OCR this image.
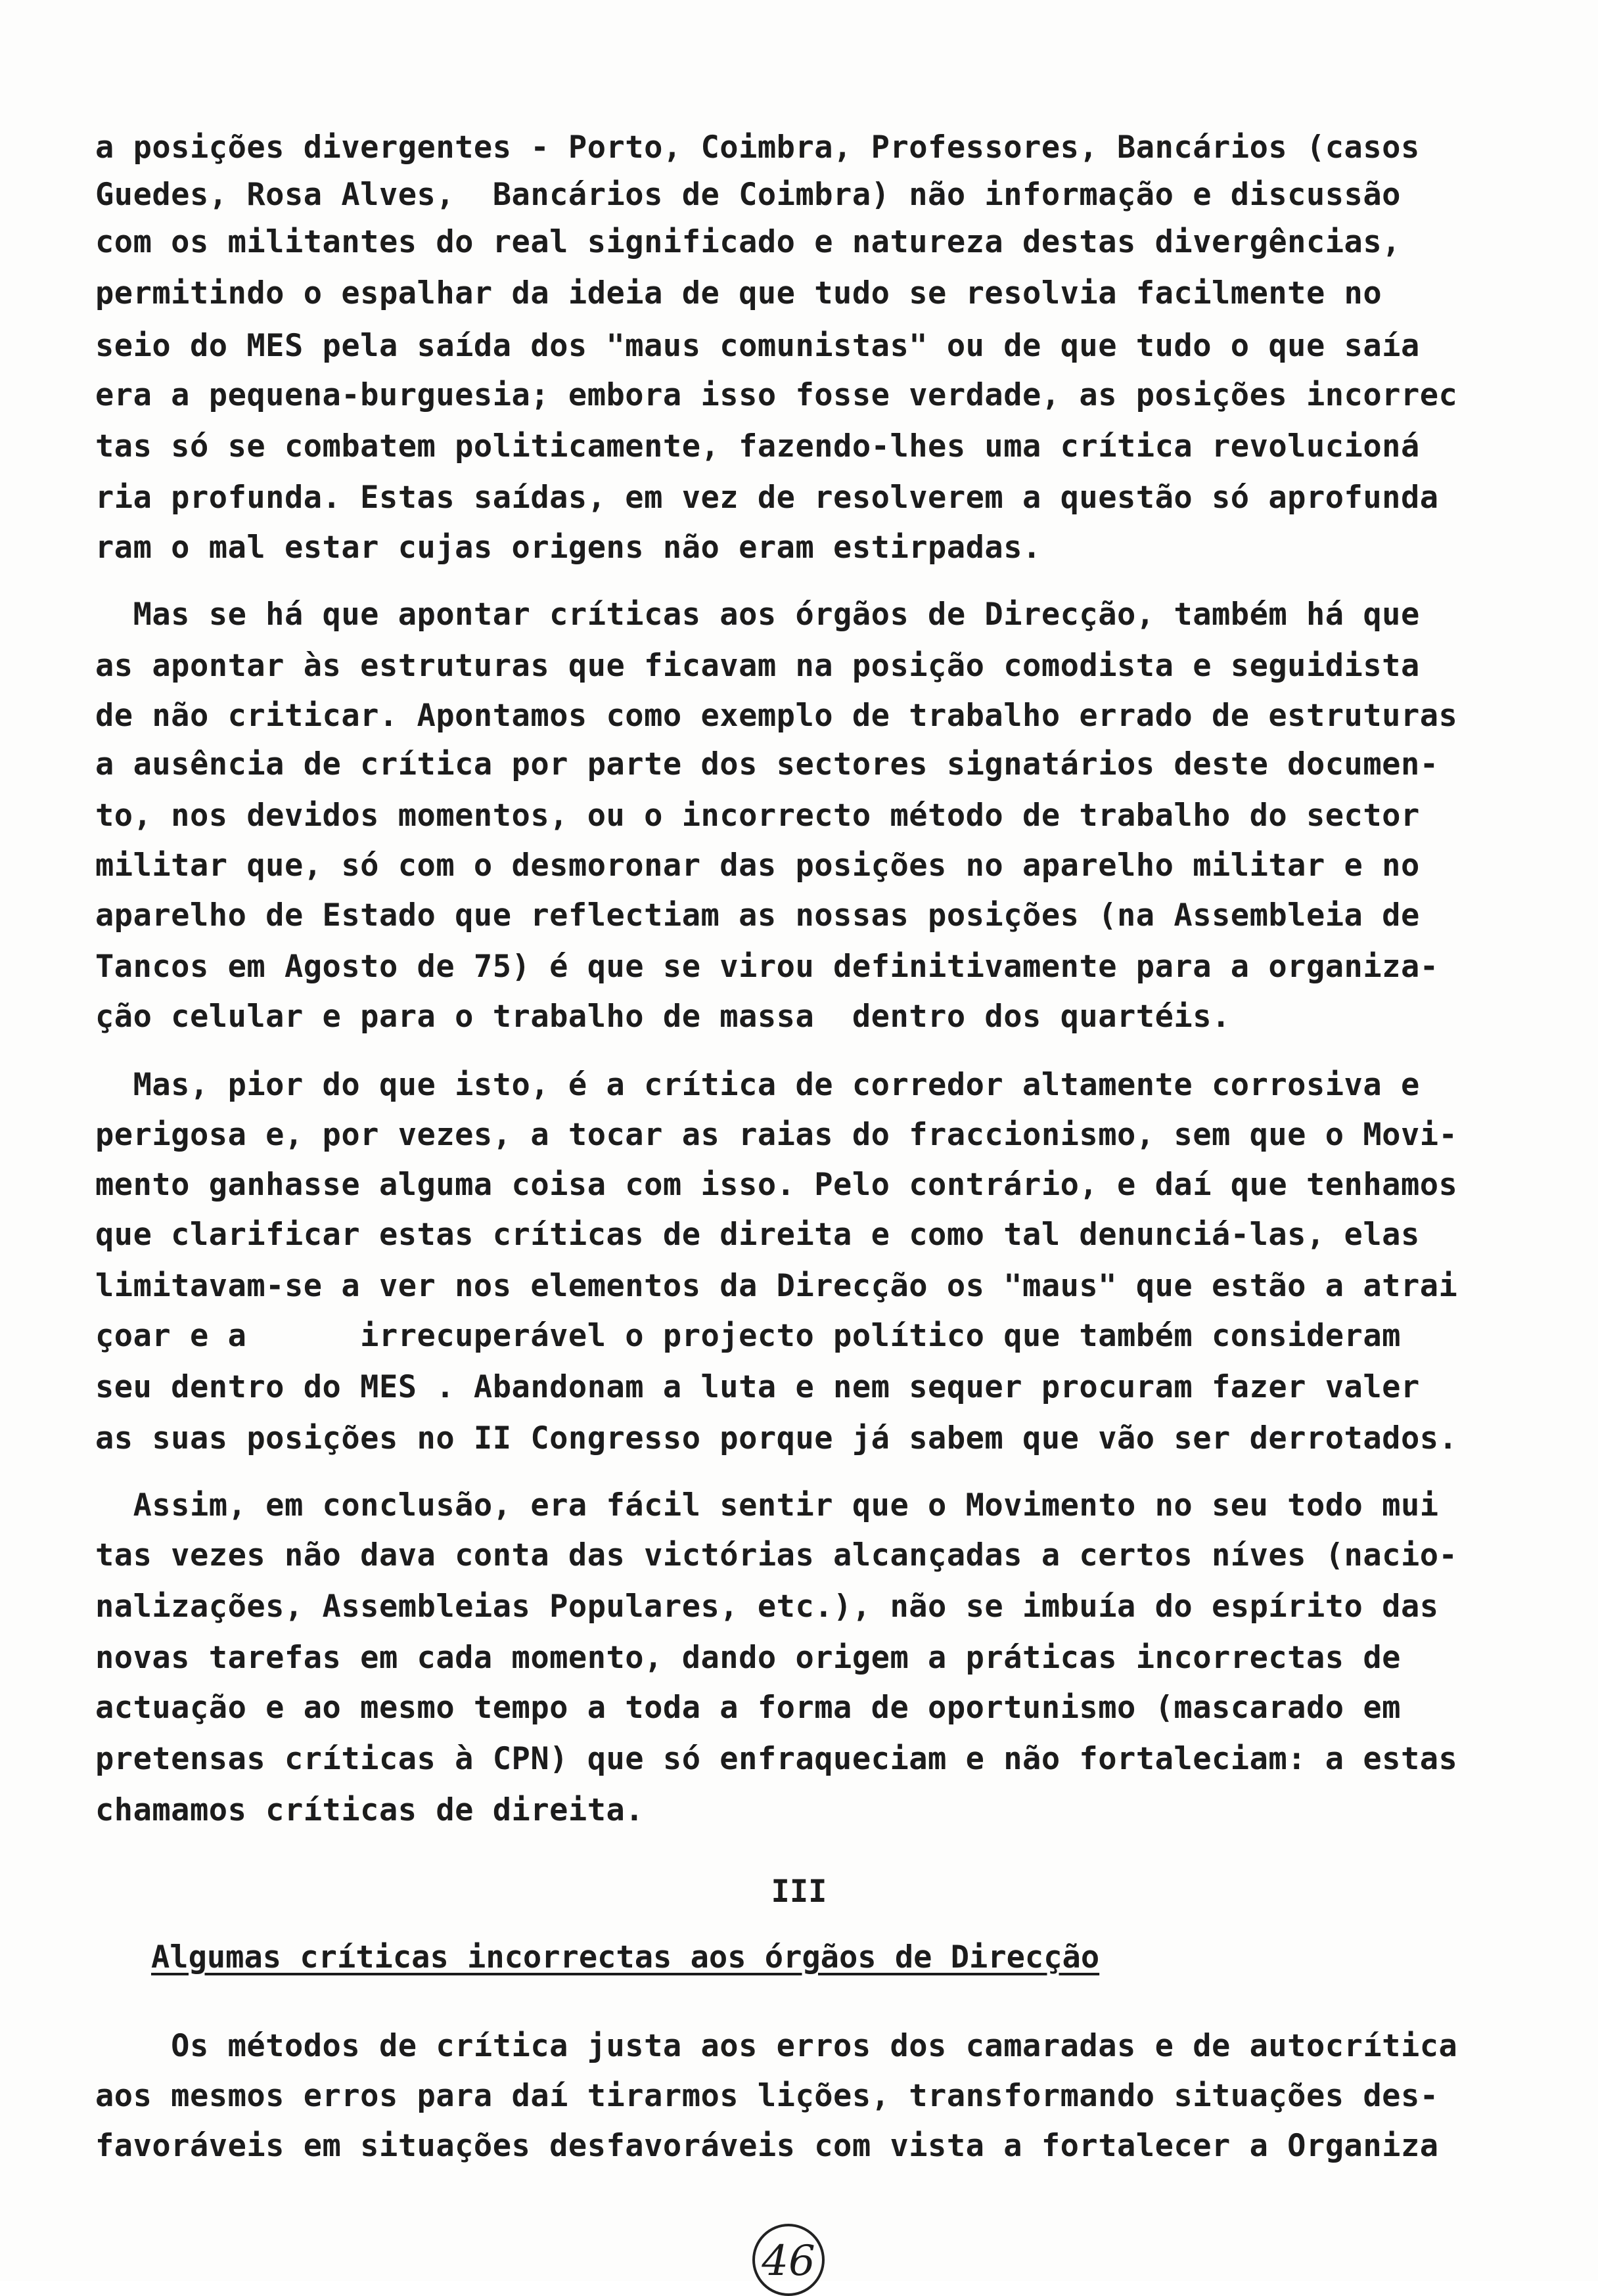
a posições divergentes - Porto, Coimbra, Professores, Bancários (casos
Guedes, Rosa Alves,  Bancários de Coimbra) não informação e discussão
com os militantes do real significado e natureza destas divergências,
permitindo o espalhar da ideia de que tudo se resolvia facilmente no
seio do MES pela saída dos "maus comunistas" ou de que tudo o que saía
era a pequena-burguesia; embora isso fosse verdade, as posições incorrec
tas só se combatem politicamente, fazendo-lhes uma crítica revolucioná
ria profunda. Estas saídas, em vez de resolverem a questão só aprofunda
ram o mal estar cujas origens não eram estirpadas.
Mas se há que apontar críticas aos órgãos de Direcção, também há que
as apontar às estruturas que ficavam na posição comodista e seguidista
de não criticar. Apontamos como exemplo de trabalho errado de estruturas
a ausência de crítica por parte dos sectores signatários deste documen-
to, nos devidos momentos, ou o incorrecto método de trabalho do sector
militar que, só com o desmoronar das posições no aparelho militar e no
aparelho de Estado que reflectiam as nossas posições (na Assembleia de
Tancos em Agosto de 75) é que se virou definitivamente para a organiza-
ção celular e para o trabalho de massa  dentro dos quartéis.
Mas, pior do que isto, é a crítica de corredor altamente corrosiva e
perigosa e, por vezes, a tocar as raias do fraccionismo, sem que o Movi-
mento ganhasse alguma coisa com isso. Pelo contrário, e daí que tenhamos
que clarificar estas críticas de direita e como tal denunciá-las, elas
limitavam-se a ver nos elementos da Direcção os "maus" que estão a atrai
çoar e a      irrecuperável o projecto político que também consideram
seu dentro do MES . Abandonam a luta e nem sequer procuram fazer valer
as suas posições no II Congresso porque já sabem que vão ser derrotados.
Assim, em conclusão, era fácil sentir que o Movimento no seu todo mui
tas vezes não dava conta das victórias alcançadas a certos níves (nacio-
nalizações, Assembleias Populares, etc.), não se imbuía do espírito das
novas tarefas em cada momento, dando origem a práticas incorrectas de
actuação e ao mesmo tempo a toda a forma de oportunismo (mascarado em
pretensas críticas à CPN) que só enfraqueciam e não fortaleciam: a estas
chamamos críticas de direita.
III
Algumas críticas incorrectas aos órgãos de Direcção
Os métodos de crítica justa aos erros dos camaradas e de autocrítica
aos mesmos erros para daí tirarmos lições, transformando situações des-
favoráveis em situações desfavoráveis com vista a fortalecer a Organiza
46
